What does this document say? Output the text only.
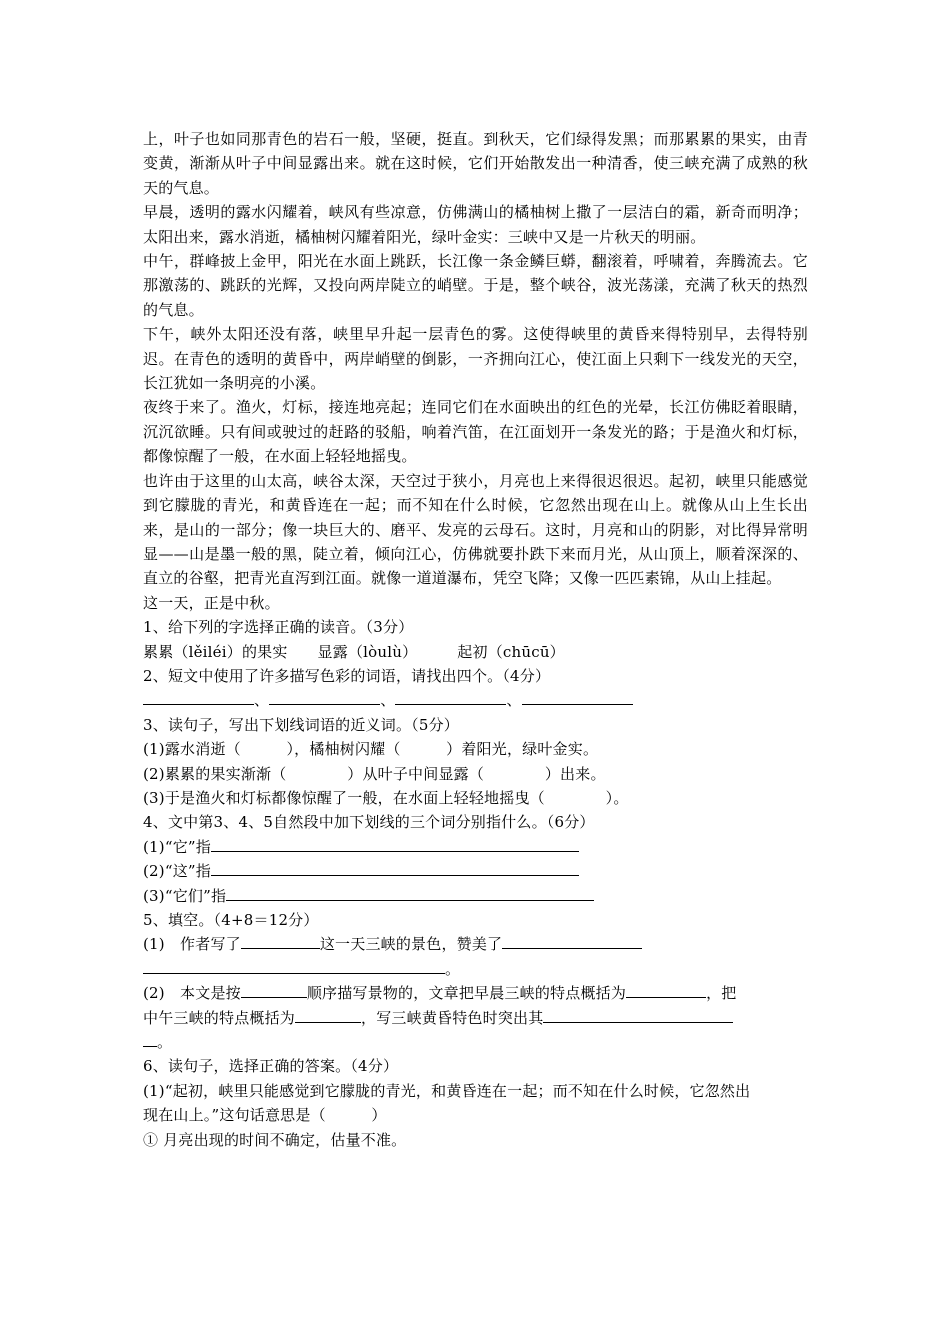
上，叶子也如同那青色的岩石一般，坚硬，挺直。到秋天，它们绿得发黑；而那累累的果实，由青变黄，渐渐从叶子中间显露出来。就在这时候，它们开始散发出一种清香，使三峡充满了成熟的秋天的气息。

早晨，透明的露水闪耀着，峡风有些凉意，仿佛满山的橘柚树上撒了一层洁白的霜，新奇而明净；太阳出来，露水消逝，橘柚树闪耀着阳光，绿叶金实：三峡中又是一片秋天的明丽。

中午，群峰披上金甲，阳光在水面上跳跃，长江像一条金鳞巨蟒，翻滚着，呼啸着，奔腾流去。它那激荡的、跳跃的光辉，又投向两岸陡立的峭壁。于是，整个峡谷，波光荡漾，充满了秋天的热烈的气息。

下午，峡外太阳还没有落，峡里早升起一层青色的雾。这使得峡里的黄昏来得特别早，去得特别迟。在青色的透明的黄昏中，两岸峭壁的倒影，一齐拥向江心，使江面上只剩下一线发光的天空，长江犹如一条明亮的小溪。

夜终于来了。渔火，灯标，接连地亮起；连同它们在水面映出的红色的光晕，长江仿佛眨着眼睛，沉沉欲睡。只有间或驶过的赶路的驳船，响着汽笛，在江面划开一条发光的路；于是渔火和灯标，都像惊醒了一般，在水面上轻轻地摇曳。

也许由于这里的山太高，峡谷太深，天空过于狭小，月亮也上来得很迟很迟。起初，峡里只能感觉到它朦胧的青光，和黄昏连在一起；而不知在什么时候，它忽然出现在山上。就像从山上生长出来，是山的一部分；像一块巨大的、磨平、发亮的云母石。这时，月亮和山的阴影，对比得异常明显——山是墨一般的黑，陡立着，倾向江心，仿佛就要扑跌下来而月光，从山顶上，顺着深深的、直立的谷壑，把青光直泻到江面。就像一道道瀑布，凭空飞降；又像一匹匹素锦，从山上挂起。

这一天，正是中秋。

1、给下列的字选择正确的读音。（3分）

累累（lěiléi）的果实 显露（lòulù）	起初（chūcū）

2、短文中使用了许多描写色彩的词语，请找出四个。（4分）

、	、	、

3、读句子，写出下划线词语的近义词。（5分）

(1)露水消逝（　　　），橘柚树闪耀（　　　）着阳光，绿叶金实。

(2)累累的果实渐渐（　　　　）从叶子中间显露（　　　　）出来。

(3)于是渔火和灯标都像惊醒了一般，在水面上轻轻地摇曳（　　　　）。

4、文中第3、4、5自然段中加下划线的三个词分别指什么。（6分）

(1)“它”指

(2)“这”指

(3)“它们”指

5、填空。（4+8＝12分）

(1)　作者写了	这一天三峡的景色，赞美了

。

(2)　本文是按	顺序描写景物的，文章把早晨三峡的特点概括为	，把

中午三峡的特点概括为	，写三峡黄昏特色时突出其

。

6、读句子，选择正确的答案。（4分）

(1)“起初，峡里只能感觉到它朦胧的青光，和黄昏连在一起；而不知在什么时候，它忽然出

现在山上。”这句话意思是（　　　）

① 月亮出现的时间不确定，估量不准。
